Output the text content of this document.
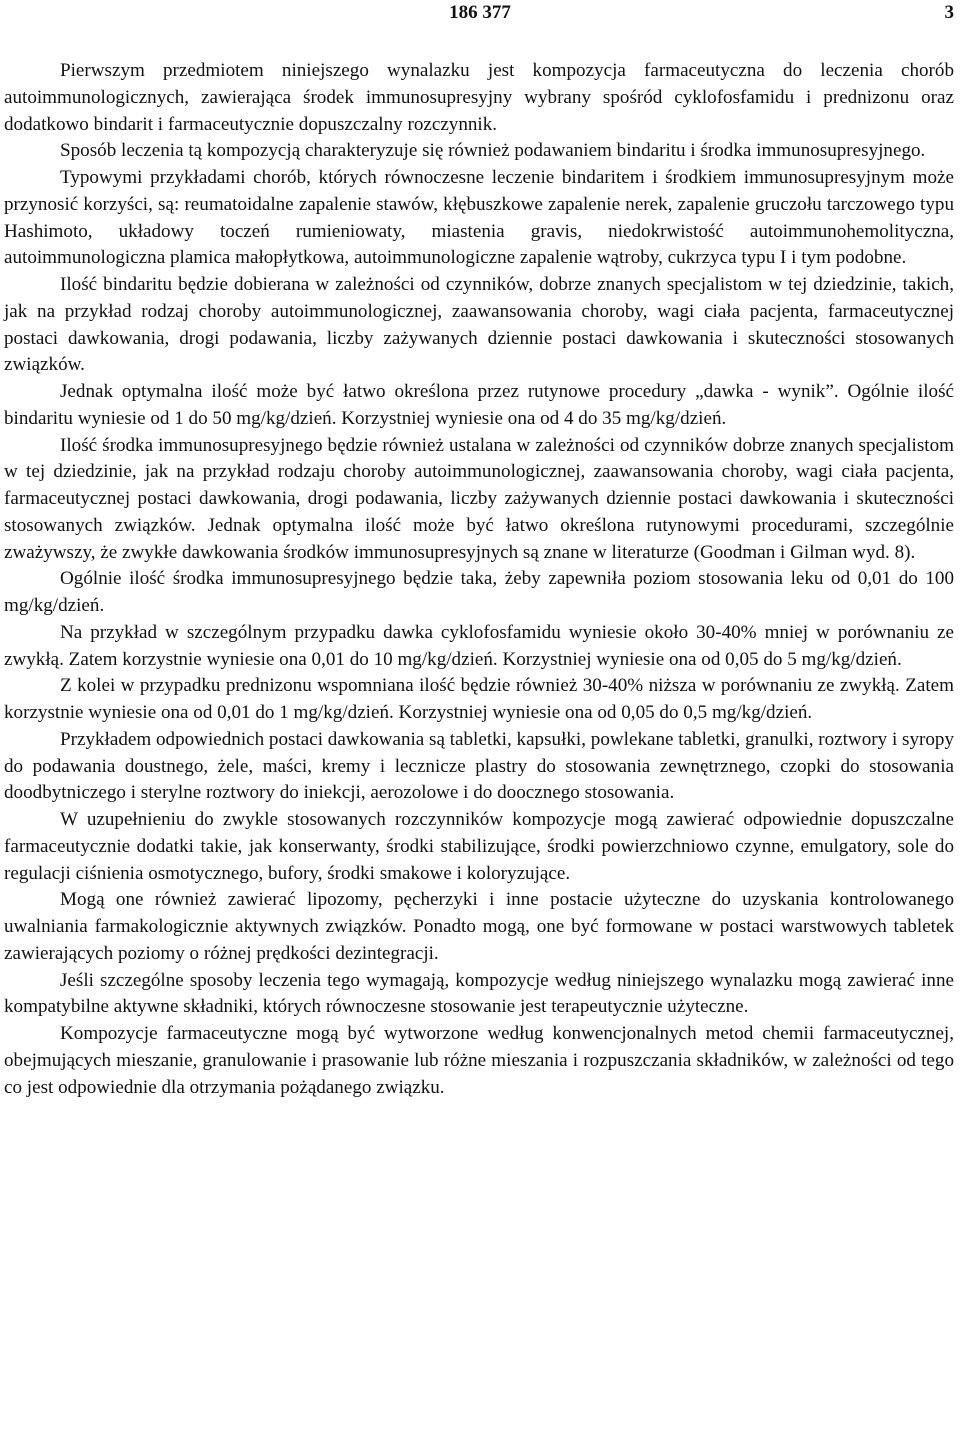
186 377	3

Pierwszym przedmiotem niniejszego wynalazku jest kompozycja farmaceutyczna do leczenia chorób autoimmunologicznych, zawierająca środek immunosupresyjny wybrany spośród cyklofosfamidu i prednizonu oraz dodatkowo bindarit i farmaceutycznie dopuszczalny rozczynnik.

Sposób leczenia tą kompozycją charakteryzuje się również podawaniem bindaritu i środka immunosupresyjnego.

Typowymi przykładami chorób, których równoczesne leczenie bindaritem i środkiem immunosupresyjnym może przynosić korzyści, są: reumatoidalne zapalenie stawów, kłębuszkowe zapalenie nerek, zapalenie gruczołu tarczowego typu Hashimoto, układowy toczeń rumieniowaty, miastenia gravis, niedokrwistość autoimmunohemolityczna, autoimmunologiczna plamica małopłytkowa, autoimmunologiczne zapalenie wątroby, cukrzyca typu I i tym podobne.

Ilość bindaritu będzie dobierana w zależności od czynników, dobrze znanych specjalistom w tej dziedzinie, takich, jak na przykład rodzaj choroby autoimmunologicznej, zaawansowania choroby, wagi ciała pacjenta, farmaceutycznej postaci dawkowania, drogi podawania, liczby zażywanych dziennie postaci dawkowania i skuteczności stosowanych związków.

Jednak optymalna ilość może być łatwo określona przez rutynowe procedury „dawka - wynik”. Ogólnie ilość bindaritu wyniesie od 1 do 50 mg/kg/dzień. Korzystniej wyniesie ona od 4 do 35 mg/kg/dzień.

Ilość środka immunosupresyjnego będzie również ustalana w zależności od czynników dobrze znanych specjalistom w tej dziedzinie, jak na przykład rodzaju choroby autoimmunologicznej, zaawansowania choroby, wagi ciała pacjenta, farmaceutycznej postaci dawkowania, drogi podawania, liczby zażywanych dziennie postaci dawkowania i skuteczności stosowanych związków. Jednak optymalna ilość może być łatwo określona rutynowymi procedurami, szczególnie zważywszy, że zwykłe dawkowania środków immunosupresyjnych są znane w literaturze (Goodman i Gilman wyd. 8).

Ogólnie ilość środka immunosupresyjnego będzie taka, żeby zapewniła poziom stosowania leku od 0,01 do 100 mg/kg/dzień.

Na przykład w szczególnym przypadku dawka cyklofosfamidu wyniesie około 30-40% mniej w porównaniu ze zwykłą. Zatem korzystnie wyniesie ona 0,01 do 10 mg/kg/dzień. Korzystniej wyniesie ona od 0,05 do 5 mg/kg/dzień.

Z kolei w przypadku prednizonu wspomniana ilość będzie również 30-40% niższa w porównaniu ze zwykłą. Zatem korzystnie wyniesie ona od 0,01 do 1 mg/kg/dzień. Korzystniej wyniesie ona od 0,05 do 0,5 mg/kg/dzień.

Przykładem odpowiednich postaci dawkowania są tabletki, kapsułki, powlekane tabletki, granulki, roztwory i syropy do podawania doustnego, żele, maści, kremy i lecznicze plastry do stosowania zewnętrznego, czopki do stosowania doodbytniczego i sterylne roztwory do iniekcji, aerozolowe i do doocznego stosowania.

W uzupełnieniu do zwykle stosowanych rozczynników kompozycje mogą zawierać odpowiednie dopuszczalne farmaceutycznie dodatki takie, jak konserwanty, środki stabilizujące, środki powierzchniowo czynne, emulgatory, sole do regulacji ciśnienia osmotycznego, bufory, środki smakowe i koloryzujące.

Mogą one również zawierać lipozomy, pęcherzyki i inne postacie użyteczne do uzyskania kontrolowanego uwalniania farmakologicznie aktywnych związków. Ponadto mogą, one być formowane w postaci warstwowych tabletek zawierających poziomy o różnej prędkości dezintegracji.

Jeśli szczególne sposoby leczenia tego wymagają, kompozycje według niniejszego wynalazku mogą zawierać inne kompatybilne aktywne składniki, których równoczesne stosowanie jest terapeutycznie użyteczne.

Kompozycje farmaceutyczne mogą być wytworzone według konwencjonalnych metod chemii farmaceutycznej, obejmujących mieszanie, granulowanie i prasowanie lub różne mieszania i rozpuszczania składników, w zależności od tego co jest odpowiednie dla otrzymania pożądanego związku.
